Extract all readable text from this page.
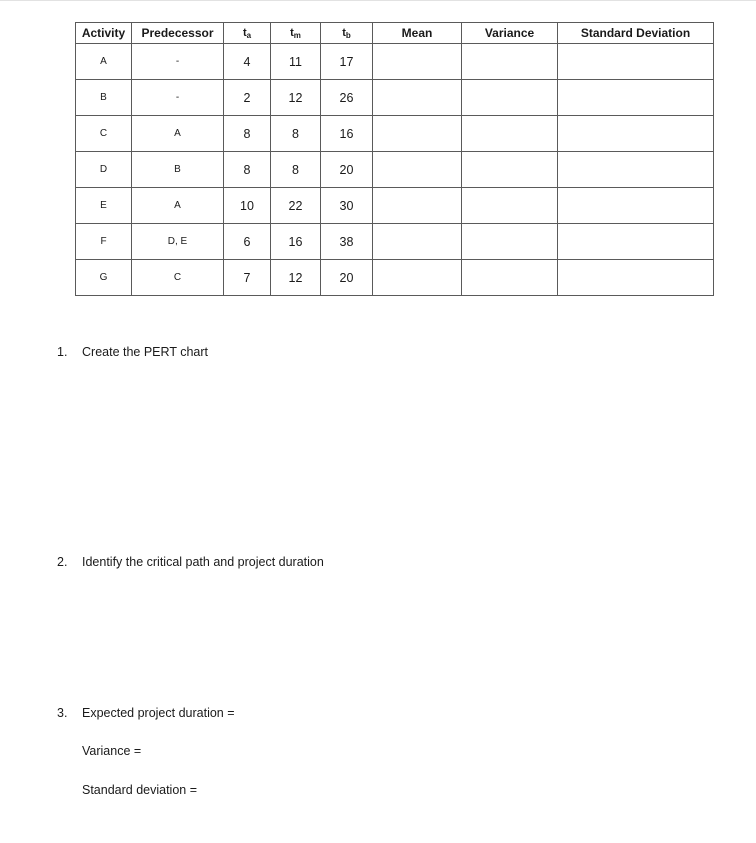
Activity	Predecessor	$t_a$	$t_m$	$t_b$	Mean	Variance	Standard Deviation
A	-	4	11	17			
B	-	2	12	26			
C	A	8	8	16			
D	B	8	8	20			
E	A	10	22	30			
F	D, E	6	16	38			
G	C	7	12	20			
1. Create the PERT chart
2. Identify the critical path and project duration
3. Expected project duration =
Variance =
Standard deviation =
